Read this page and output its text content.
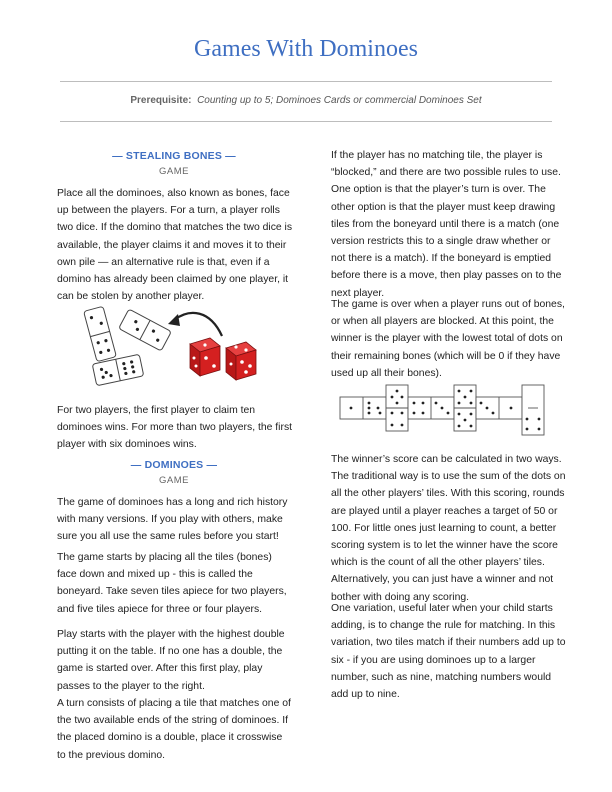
Games With Dominoes
Prerequisite: Counting up to 5; Dominoes Cards or commercial Dominoes Set
— STEALING BONES —
GAME

Place all the dominoes, also known as bones, face up between the players. For a turn, a player rolls two dice. If the domino that matches the two dice is available, the player claims it and moves it to their own pile — an alternative rule is that, even if a domino has already been claimed by one player, it can be stolen by another player.

For two players, the first player to claim ten dominoes wins. For more than two players, the first player with six dominoes wins.

— DOMINOES —
GAME

The game of dominoes has a long and rich history with many versions. If you play with others, make sure you all use the same rules before you start!

The game starts by placing all the tiles (bones) face down and mixed up - this is called the boneyard. Take seven tiles apiece for two players, and five tiles apiece for three or four players.

Play starts with the player with the highest double putting it on the table. If no one has a double, the game is started over. After this first play, play passes to the player to the right.

A turn consists of placing a tile that matches one of the two available ends of the string of dominoes. If the placed domino is a double, place it crosswise to the previous domino.

If the player has no matching tile, the player is “blocked,” and there are two possible rules to use. One option is that the player’s turn is over. The other option is that the player must keep drawing tiles from the boneyard until there is a match (one version restricts this to a single draw whether or not there is a match). If the boneyard is emptied before there is a move, then play passes on to the next player.

The game is over when a player runs out of bones, or when all players are blocked. At this point, the winner is the player with the lowest total of dots on their remaining bones (which will be 0 if they have used up all their bones).

The winner’s score can be calculated in two ways. The traditional way is to use the sum of the dots on all the other players’ tiles. With this scoring, rounds are played until a player reaches a target of 50 or 100. For little ones just learning to count, a better scoring system is to let the winner have the score which is the count of all the other players’ tiles. Alternatively, you can just have a winner and not bother with doing any scoring.

One variation, useful later when your child starts adding, is to change the rule for matching. In this variation, two tiles match if their numbers add up to six - if you are using dominoes up to a larger number, such as nine, matching numbers would add up to nine.
